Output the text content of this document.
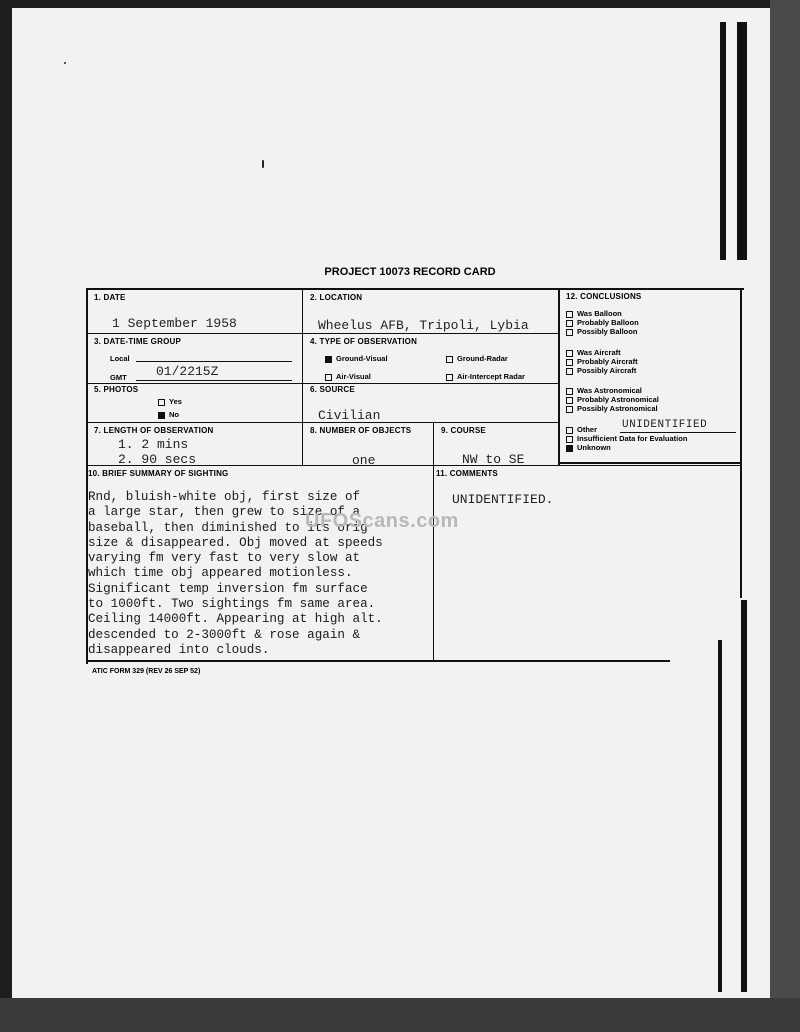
PROJECT 10073 RECORD CARD
1. DATE
1 September 1958
2. LOCATION
Wheelus AFB, Tripoli, Lybia
3. DATE-TIME GROUP
Local
GMT 01/2215Z
4. TYPE OF OBSERVATION
Ground-Visual	Ground-Radar
Air-Visual	Air-Intercept Radar
5. PHOTOS
Yes
No
6. SOURCE
Civilian
7. LENGTH OF OBSERVATION
1. 2 mins
2. 90 secs
8. NUMBER OF OBJECTS
one
9. COURSE
NW to SE
10. BRIEF SUMMARY OF SIGHTING
Rnd, bluish-white obj, first size of
a large star, then grew to size of a
baseball, then diminished to its orig
size & disappeared. Obj moved at speeds
varying fm very fast to very slow at
which time obj appeared motionless.
Significant temp inversion fm surface
to 1000ft. Two sightings fm same area.
Ceiling 14000ft. Appearing at high alt.
descended to 2-3000ft & rose again &
disappeared into clouds.
11. COMMENTS
UNIDENTIFIED.
12. CONCLUSIONS
Was Balloon
Probably Balloon
Possibly Balloon
Was Aircraft
Probably Aircraft
Possibly Aircraft
Was Astronomical
Probably Astronomical
Possibly Astronomical
Other UNIDENTIFIED
Insufficient Data for Evaluation
Unknown
ATIC FORM 329 (REV 26 SEP 52)
UFOScans.com
